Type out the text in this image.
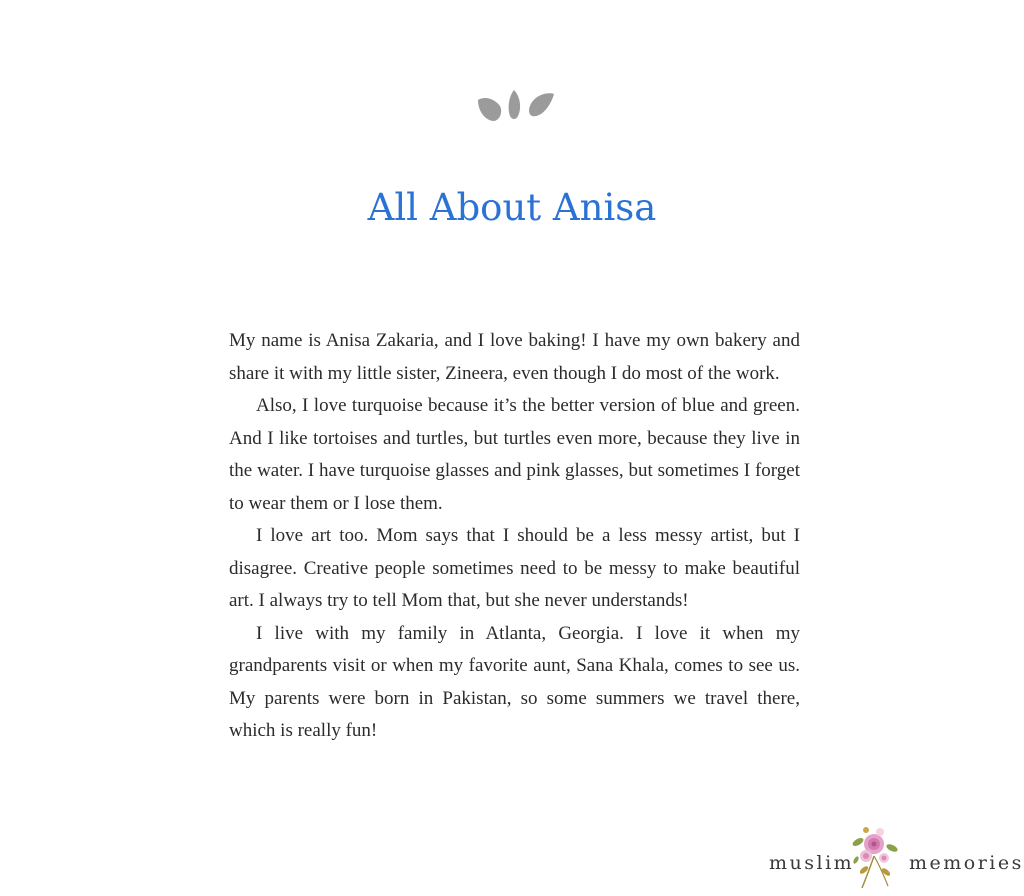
All About Anisa

My name is Anisa Zakaria, and I love baking! I have my own bakery and share it with my little sister, Zineera, even though I do most of the work.

Also, I love turquoise because it’s the better version of blue and green. And I like tortoises and turtles, but turtles even more, because they live in the water. I have turquoise glasses and pink glasses, but sometimes I forget to wear them or I lose them.

I love art too. Mom says that I should be a less messy artist, but I disagree. Creative people sometimes need to be messy to make beautiful art. I always try to tell Mom that, but she never understands!

I live with my family in Atlanta, Georgia. I love it when my grandparents visit or when my favorite aunt, Sana Khala, comes to see us. My parents were born in Pakistan, so some summers we travel there, which is really fun!

muslim	memories
